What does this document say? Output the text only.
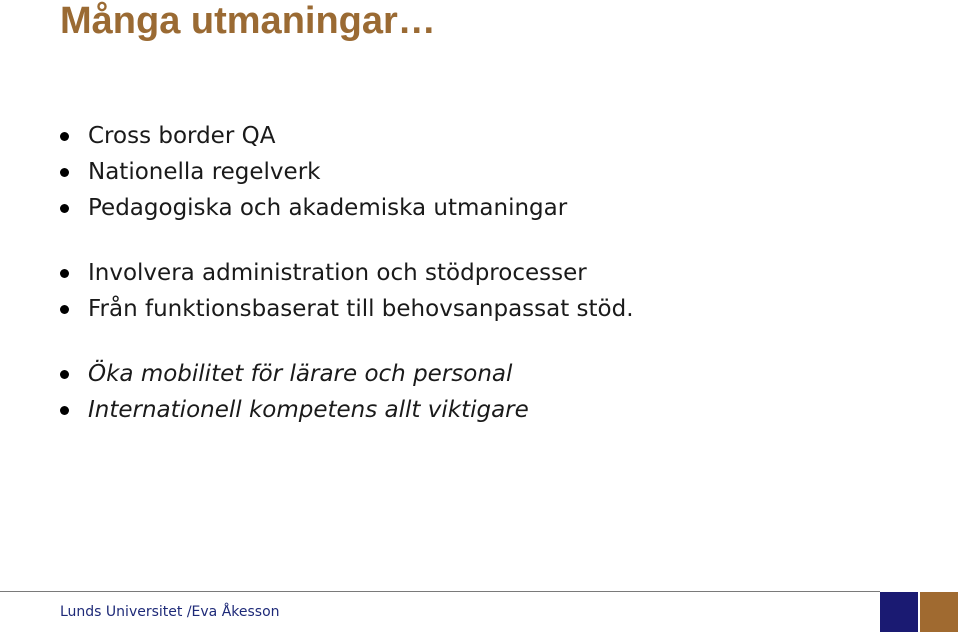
Många utmaningar…
Cross border QA
Nationella regelverk
Pedagogiska och akademiska utmaningar
Involvera administration och stödprocesser
Från funktionsbaserat till behovsanpassat stöd.
Öka mobilitet för lärare och personal
Internationell kompetens allt viktigare
Lunds Universitet /Eva Åkesson
